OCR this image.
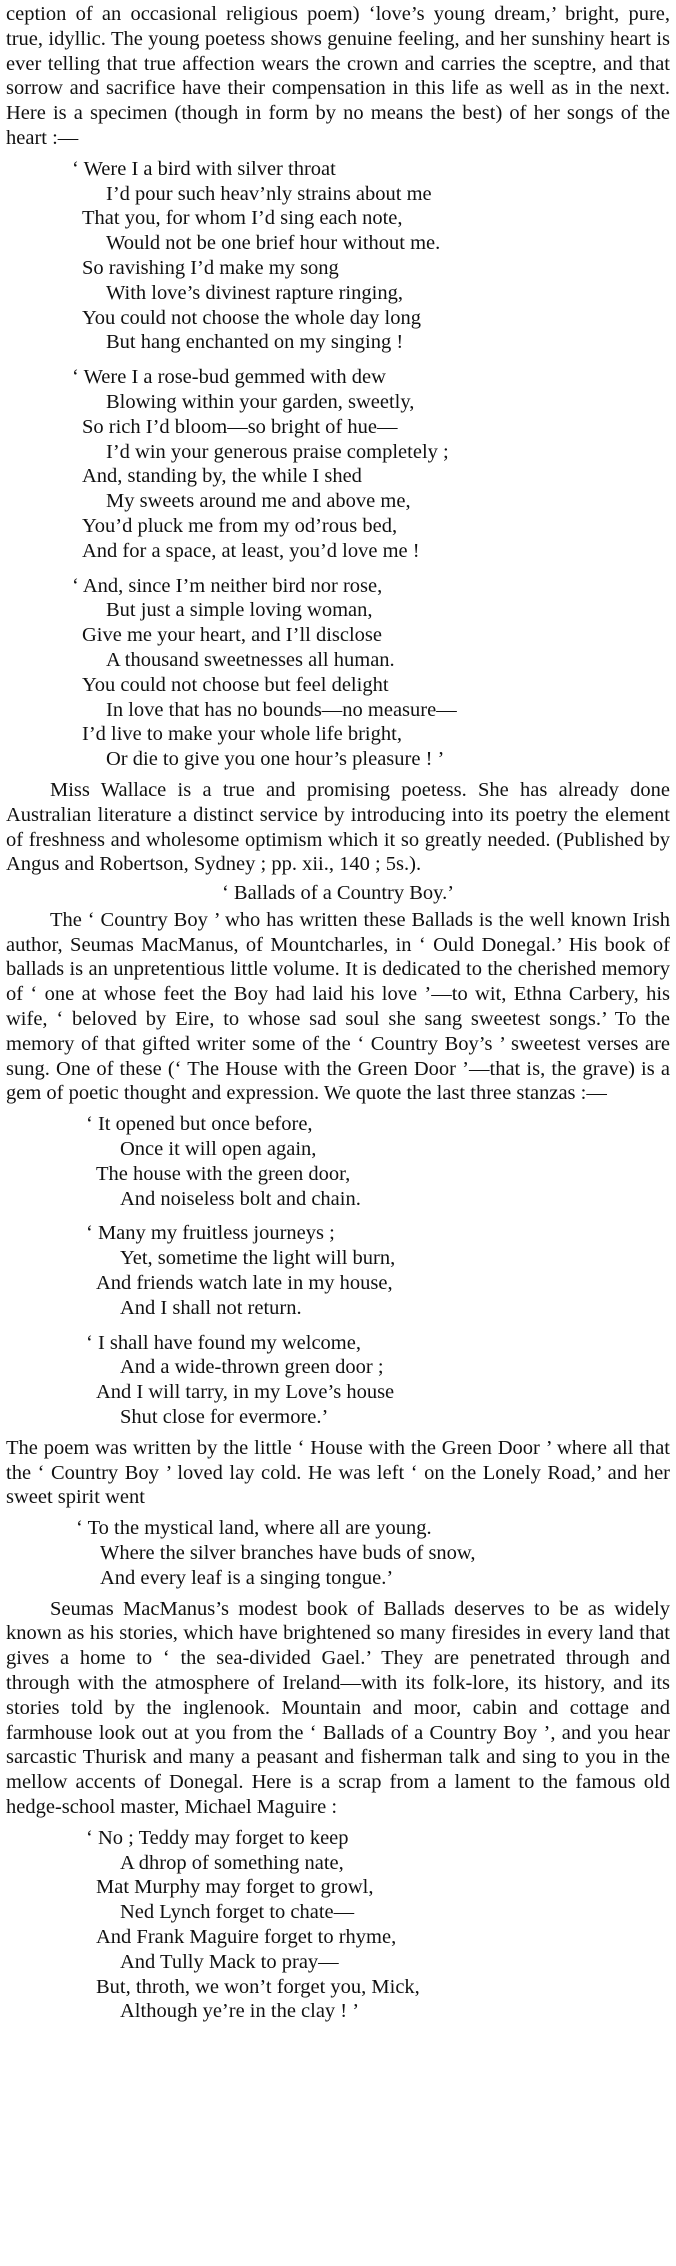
ception of an occasional religious poem) ‘love’s young dream,’ bright, pure, true, idyllic. The young poetess shows genuine feeling, and her sunshiny heart is ever telling that true affection wears the crown and carries the sceptre, and that sorrow and sacrifice have their compensation in this life as well as in the next. Here is a specimen (though in form by no means the best) of her songs of the heart :—

‘ Were I a bird with silver throat
I’d pour such heav’nly strains about me
That you, for whom I’d sing each note,
Would not be one brief hour without me.
So ravishing I’d make my song
With love’s divinest rapture ringing,
You could not choose the whole day long
But hang enchanted on my singing !
‘ Were I a rose-bud gemmed with dew
Blowing within your garden, sweetly,
So rich I’d bloom—so bright of hue—
I’d win your generous praise completely ;
And, standing by, the while I shed
My sweets around me and above me,
You’d pluck me from my od’rous bed,
And for a space, at least, you’d love me !
‘ And, since I’m neither bird nor rose,
But just a simple loving woman,
Give me your heart, and I’ll disclose
A thousand sweetnesses all human.
You could not choose but feel delight
In love that has no bounds—no measure—
I’d live to make your whole life bright,
Or die to give you one hour’s pleasure ! ’

Miss Wallace is a true and promising poetess. She has already done Australian literature a distinct service by introducing into its poetry the element of freshness and wholesome optimism which it so greatly needed. (Published by Angus and Robertson, Sydney ; pp. xii., 140 ; 5s.).

‘ Ballads of a Country Boy.’

The ‘ Country Boy ’ who has written these Ballads is the well known Irish author, Seumas MacManus, of Mountcharles, in ‘ Ould Donegal.’ His book of ballads is an unpretentious little volume. It is dedicated to the cherished memory of ‘ one at whose feet the Boy had laid his love ’—to wit, Ethna Carbery, his wife, ‘ beloved by Eire, to whose sad soul she sang sweetest songs.’ To the memory of that gifted writer some of the ‘ Country Boy’s ’ sweetest verses are sung. One of these (‘ The House with the Green Door ’—that is, the grave) is a gem of poetic thought and expression. We quote the last three stanzas :—

‘ It opened but once before,
Once it will open again,
The house with the green door,
And noiseless bolt and chain.
‘ Many my fruitless journeys ;
Yet, sometime the light will burn,
And friends watch late in my house,
And I shall not return.
‘ I shall have found my welcome,
And a wide-thrown green door ;
And I will tarry, in my Love’s house
Shut close for evermore.’

The poem was written by the little ‘ House with the Green Door ’ where all that the ‘ Country Boy ’ loved lay cold. He was left ‘ on the Lonely Road,’ and her sweet spirit went

‘ To the mystical land, where all are young.
Where the silver branches have buds of snow,
And every leaf is a singing tongue.’

Seumas MacManus’s modest book of Ballads deserves to be as widely known as his stories, which have brightened so many firesides in every land that gives a home to ‘ the sea-divided Gael.’ They are penetrated through and through with the atmosphere of Ireland—with its folk-lore, its history, and its stories told by the inglenook. Mountain and moor, cabin and cottage and farmhouse look out at you from the ‘ Ballads of a Country Boy ’, and you hear sarcastic Thurisk and many a peasant and fisherman talk and sing to you in the mellow accents of Donegal. Here is a scrap from a lament to the famous old hedge-school master, Michael Maguire :

‘ No ; Teddy may forget to keep
A dhrop of something nate,
Mat Murphy may forget to growl,
Ned Lynch forget to chate—
And Frank Maguire forget to rhyme,
And Tully Mack to pray—
But, throth, we won’t forget you, Mick,
Although ye’re in the clay ! ’
